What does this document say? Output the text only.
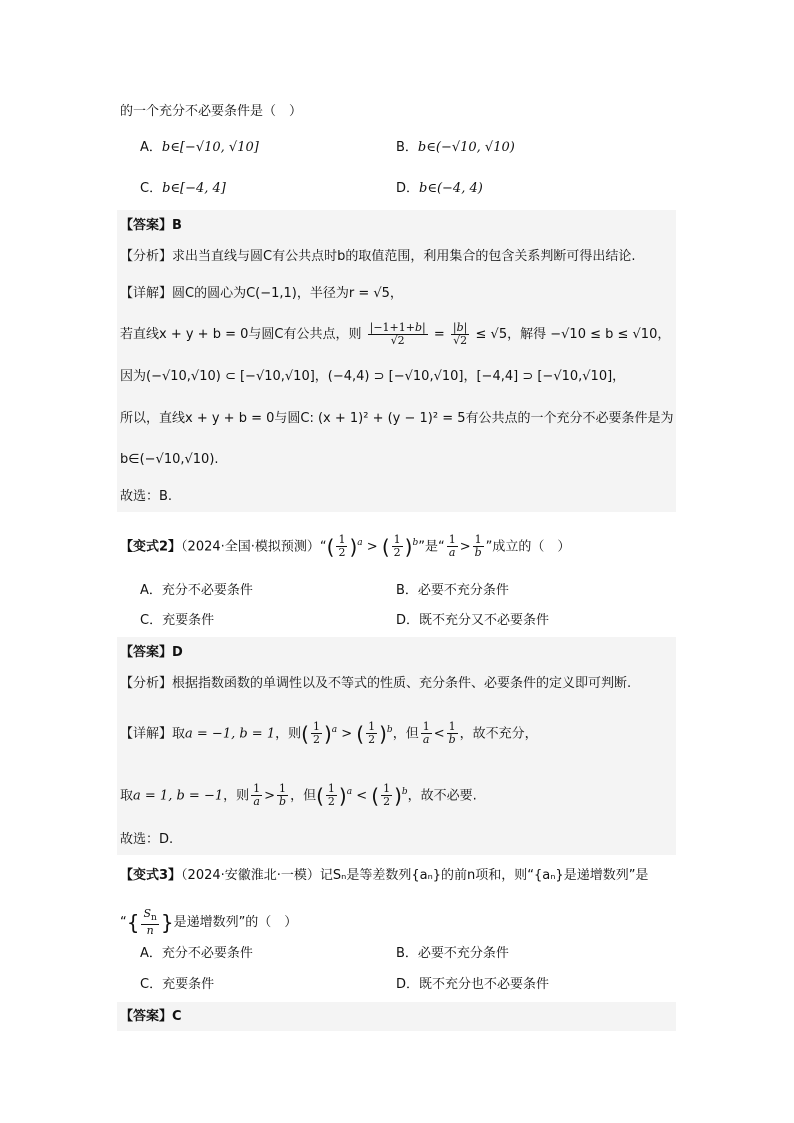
的一个充分不必要条件是（　）
A．b∈[−√10, √10]	B．b∈(−√10, √10)
C．b∈[−4, 4]	D．b∈(−4, 4)
【答案】B
【分析】求出当直线与圆C有公共点时b的取值范围，利用集合的包含关系判断可得出结论.
【详解】圆C的圆心为C(−1,1)，半径为r = √5，
若直线x + y + b = 0与圆C有公共点，则 $\frac{|-1+1+b|}{√2} = \frac{|b|}{√2} \le √5$，解得 −√10 ≤ b ≤ √10，
因为(−√10,√10) ⊂ [−√10,√10]，(−4,4) ⊃ [−√10,√10]，[−4,4] ⊃ [−√10,√10]，
所以，直线x + y + b = 0与圆C: (x + 1)² + (y − 1)² = 5有公共点的一个充分不必要条件是为
b∈(−√10,√10).
故选：B.
【变式2】（2024·全国·模拟预测）“( $\frac{1}{2} )^a$ > ( $\frac{1}{2} )^b$”是“ $\frac{1}{a} > \frac{1}{b}$ ”成立的（　）
A．充分不必要条件	B．必要不充分条件
C．充要条件	D．既不充分又不必要条件
【答案】D
【分析】根据指数函数的单调性以及不等式的性质、充分条件、必要条件的定义即可判断.
【详解】取a = −1, b = 1，则( $\frac{1}{2} )^a$ > ( $\frac{1}{2} )^b$，但 $\frac{1}{a} < \frac{1}{b}$ ，故不充分，
取a = 1, b = −1，则 $\frac{1}{a} > \frac{1}{b}$ ，但( $\frac{1}{2} )^a$ < ( $\frac{1}{2} )^b$，故不必要.
故选：D.
【变式3】（2024·安徽淮北·一模）记Sₙ是等差数列{aₙ}的前n项和，则“{aₙ}是递增数列”是
“{ $\frac{S_n}{n}$ }是递增数列”的（　）
A．充分不必要条件	B．必要不充分条件
C．充要条件	D．既不充分也不必要条件
【答案】C
